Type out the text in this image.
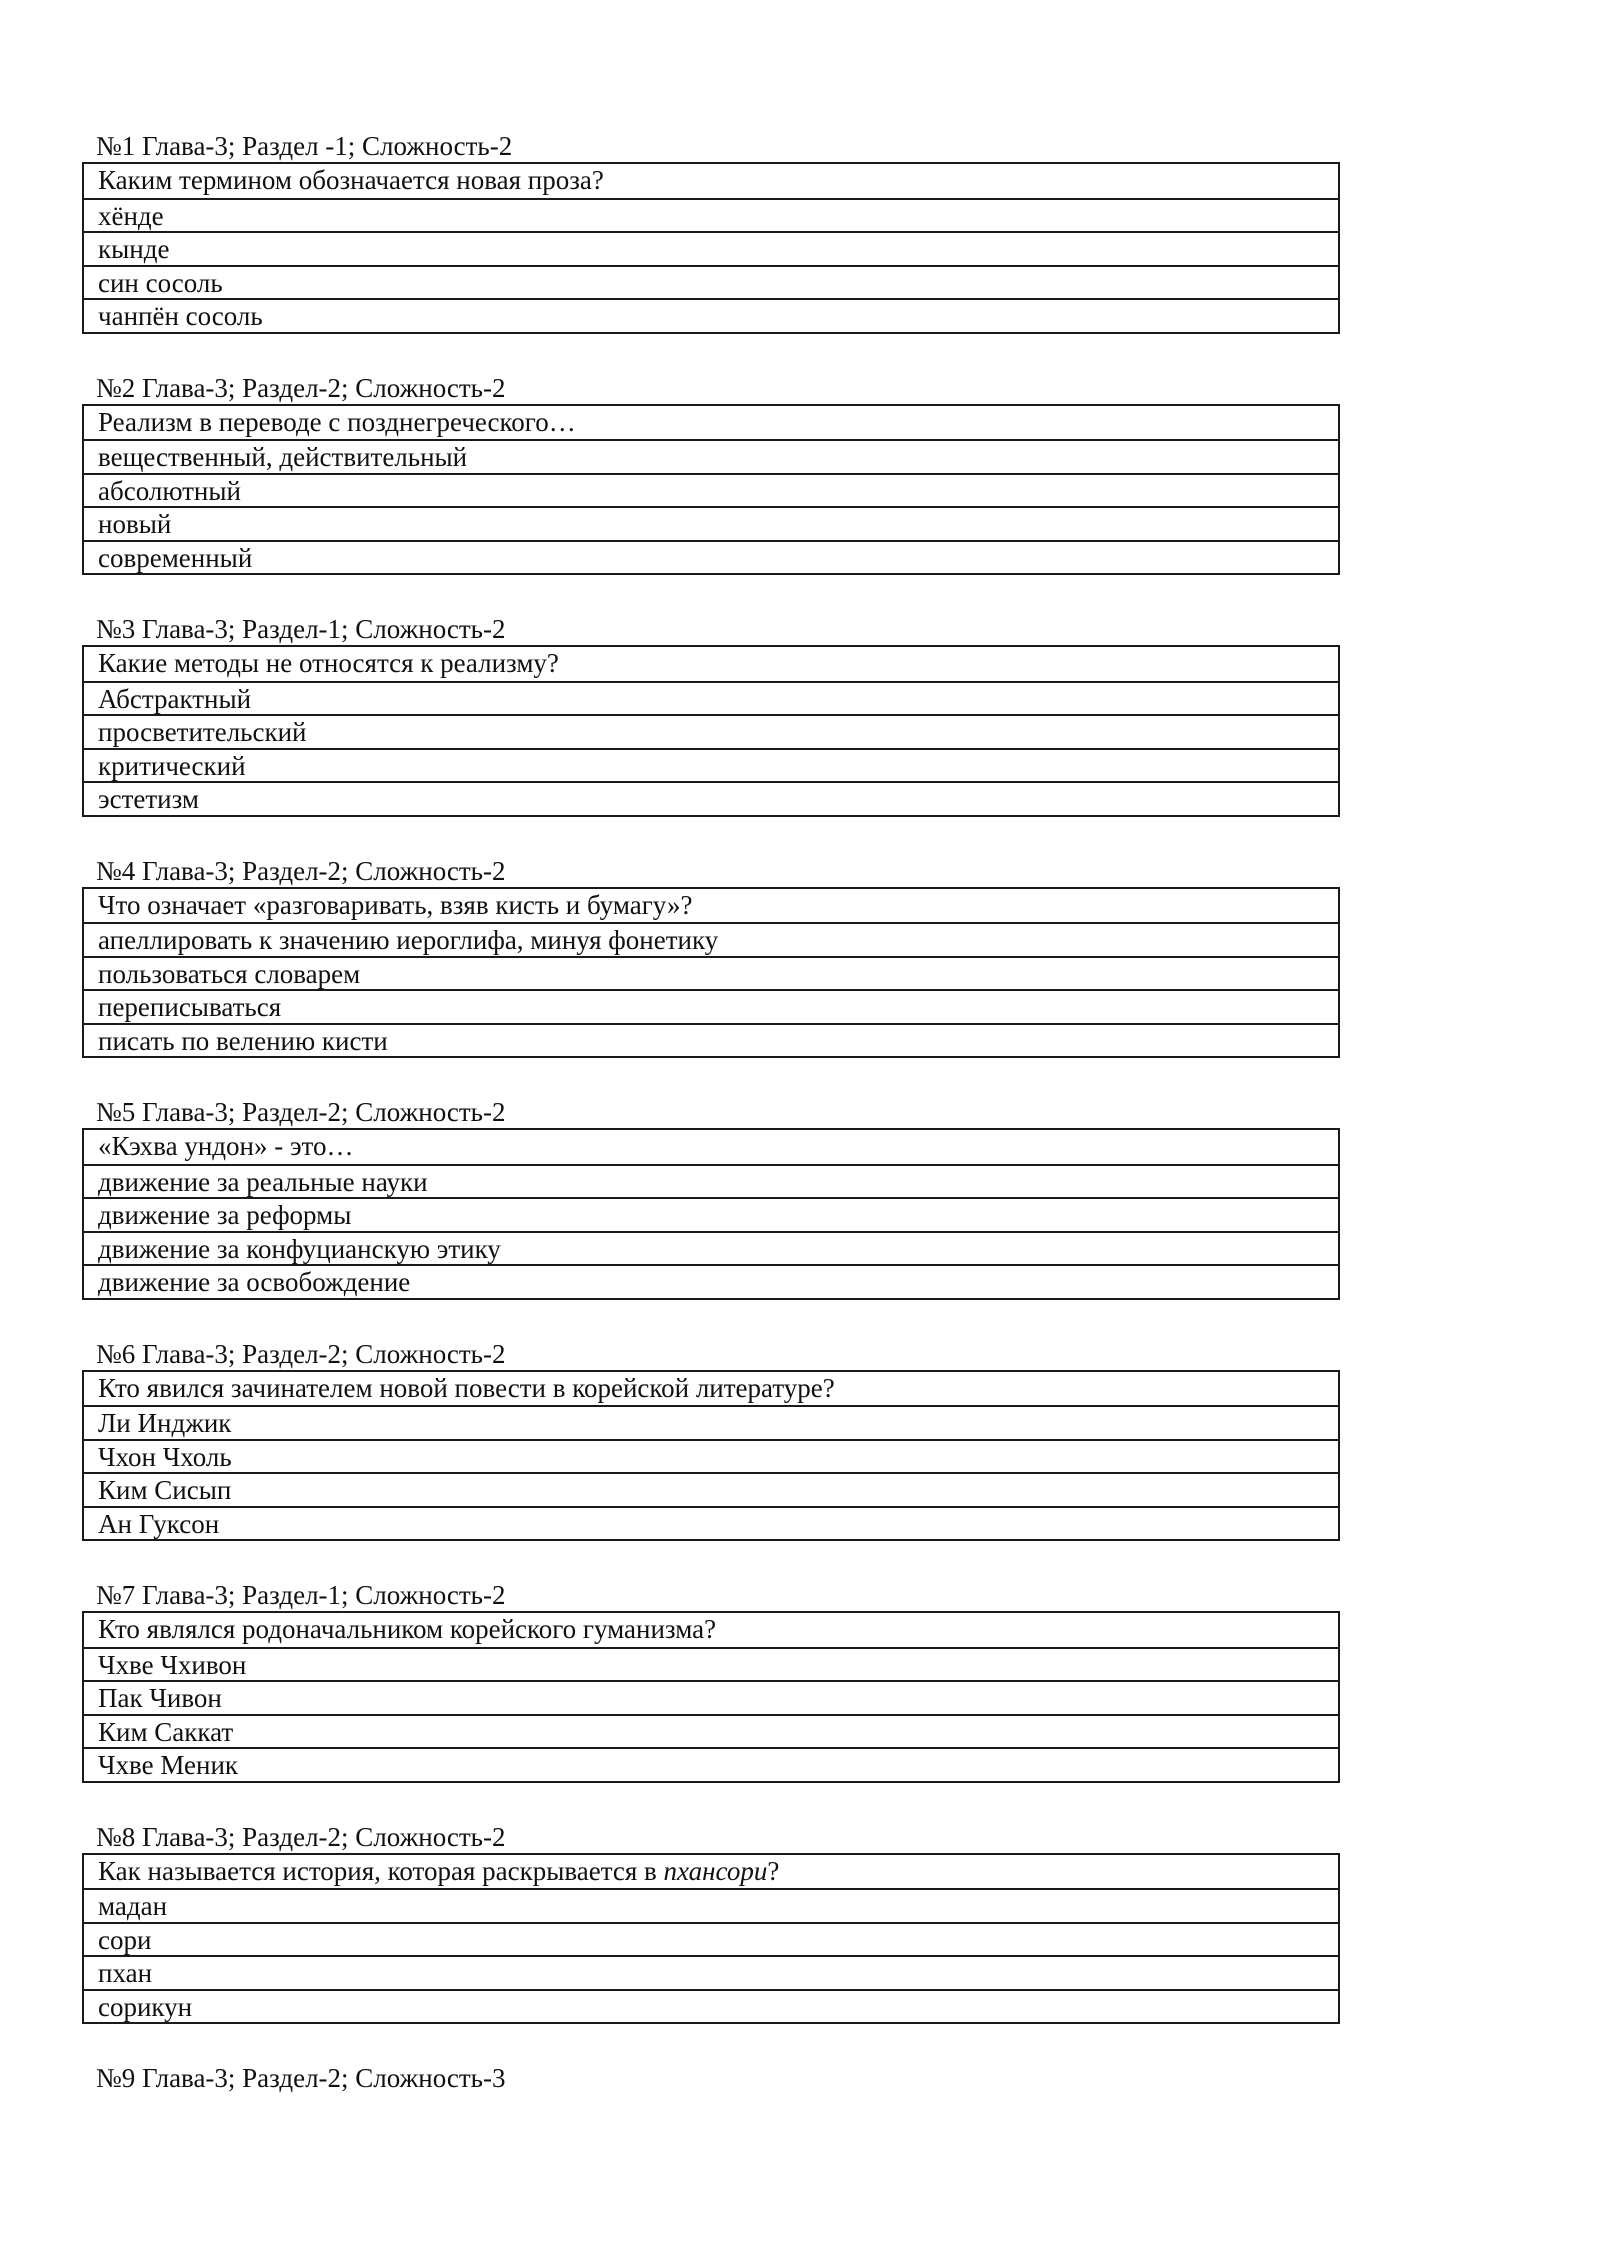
№1 Глава-3; Раздел -1; Сложность-2
Каким термином обозначается новая проза?
хёнде
кынде
син сосоль
чанпён сосоль
№2 Глава-3; Раздел-2; Сложность-2
Реализм в переводе с позднегреческого…
вещественный, действительный
абсолютный
новый
современный
№3 Глава-3; Раздел-1; Сложность-2
Какие методы не относятся к реализму?
Абстрактный
просветительский
критический
эстетизм
№4 Глава-3; Раздел-2; Сложность-2
Что означает «разговаривать, взяв кисть и бумагу»?
апеллировать к значению иероглифа, минуя фонетику
пользоваться словарем
переписываться
писать по велению кисти
№5 Глава-3; Раздел-2; Сложность-2
«Кэхва ундон» - это…
движение за реальные науки
движение за реформы
движение за конфуцианскую этику
движение за освобождение
№6 Глава-3; Раздел-2; Сложность-2
Кто явился зачинателем новой повести в корейской литературе?
Ли Инджик
Чхон Чхоль
Ким Сисып
Ан Гуксон
№7 Глава-3; Раздел-1; Сложность-2
Кто являлся родоначальником корейского гуманизма?
Чхве Чхивон
Пак Чивон
Ким Саккат
Чхве Меник
№8 Глава-3; Раздел-2; Сложность-2
Как называется история, которая раскрывается в пхансори?
мадан
сори
пхан
сорикун
№9 Глава-3; Раздел-2; Сложность-3
